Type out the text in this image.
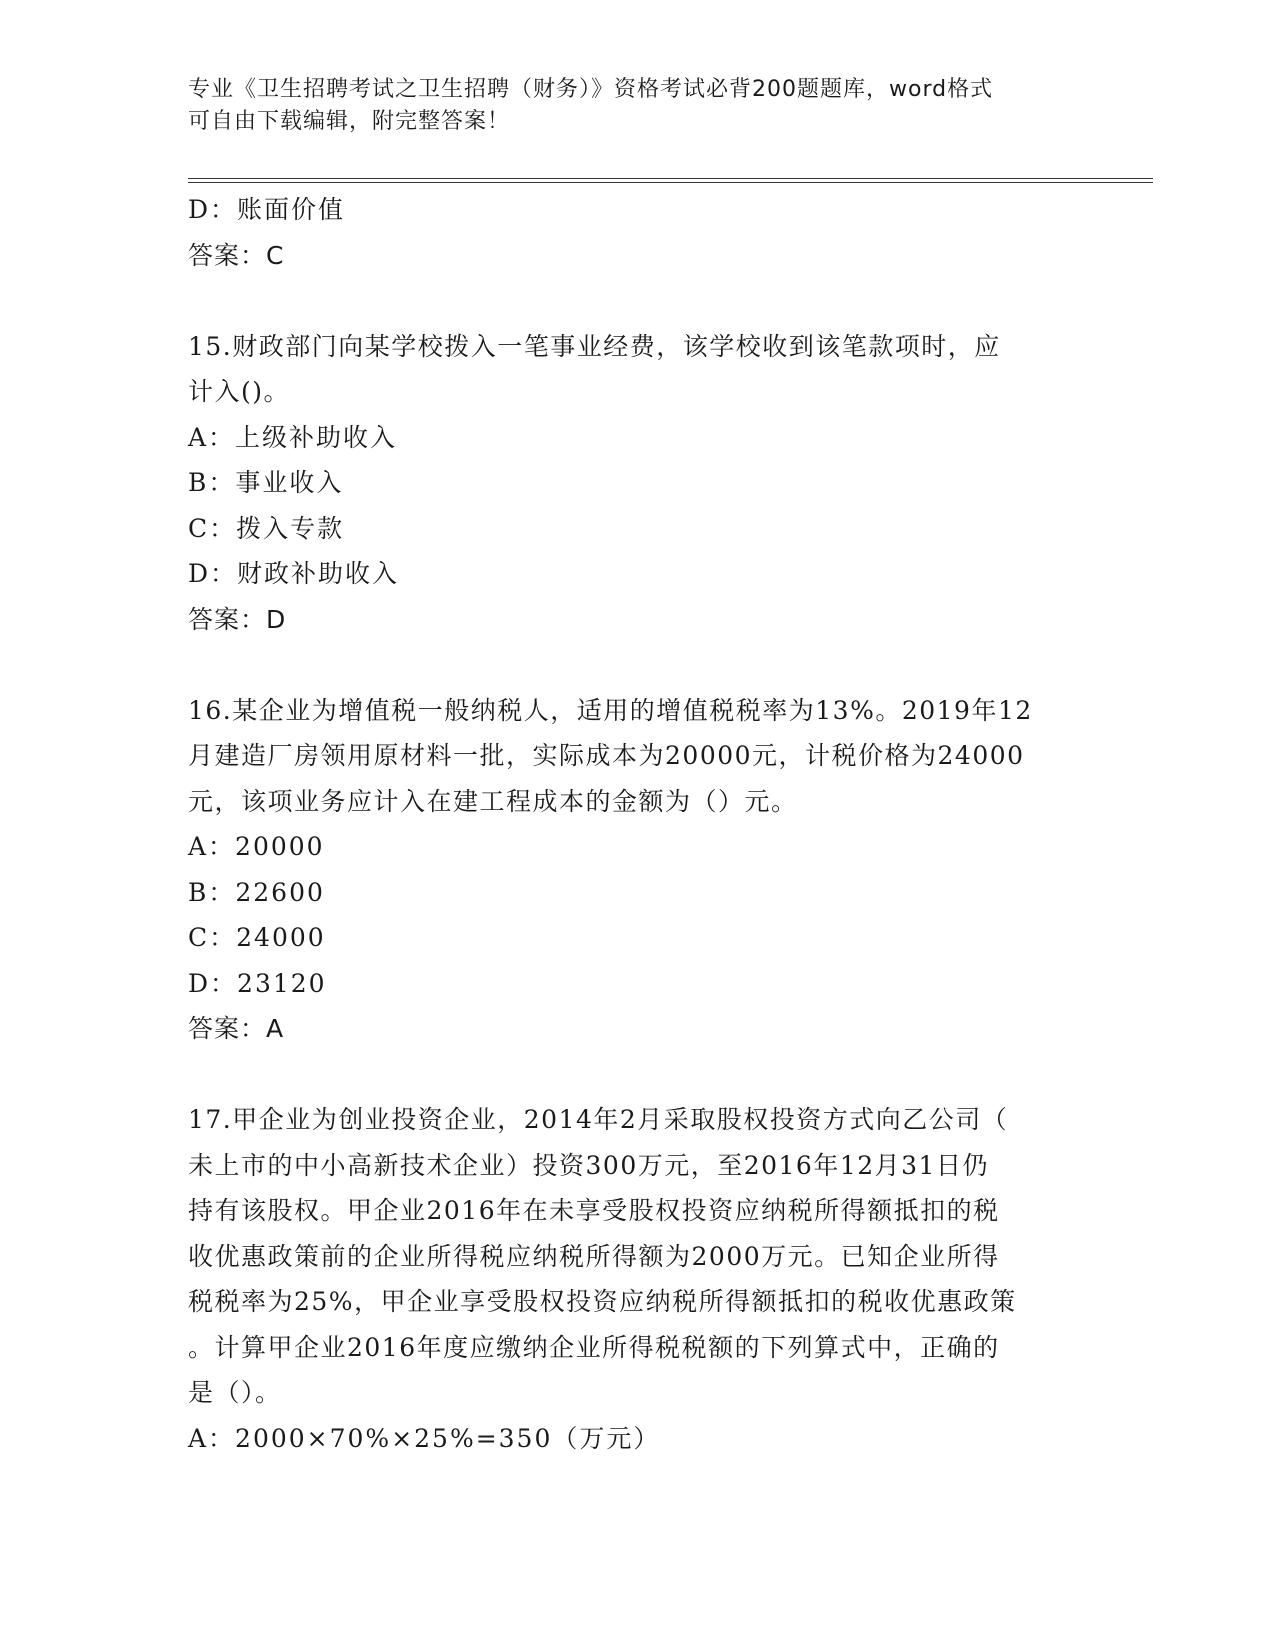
专业《卫生招聘考试之卫生招聘（财务）》资格考试必背200题题库，word格式
可自由下载编辑，附完整答案！
D：账面价值
答案：C
15.财政部门向某学校拨入一笔事业经费，该学校收到该笔款项时，应
计入()。
A：上级补助收入
B：事业收入
C：拨入专款
D：财政补助收入
答案：D
16.某企业为增值税一般纳税人，适用的增值税税率为13%。2019年12
月建造厂房领用原材料一批，实际成本为20000元，计税价格为24000
元，该项业务应计入在建工程成本的金额为（）元。
A：20000
B：22600
C：24000
D：23120
答案：A
17.甲企业为创业投资企业，2014年2月采取股权投资方式向乙公司（
未上市的中小高新技术企业）投资300万元，至2016年12月31日仍
持有该股权。甲企业2016年在未享受股权投资应纳税所得额抵扣的税
收优惠政策前的企业所得税应纳税所得额为2000万元。已知企业所得
税税率为25%，甲企业享受股权投资应纳税所得额抵扣的税收优惠政策
。计算甲企业2016年度应缴纳企业所得税税额的下列算式中，正确的
是（）。
A：2000×70%×25%=350（万元）
